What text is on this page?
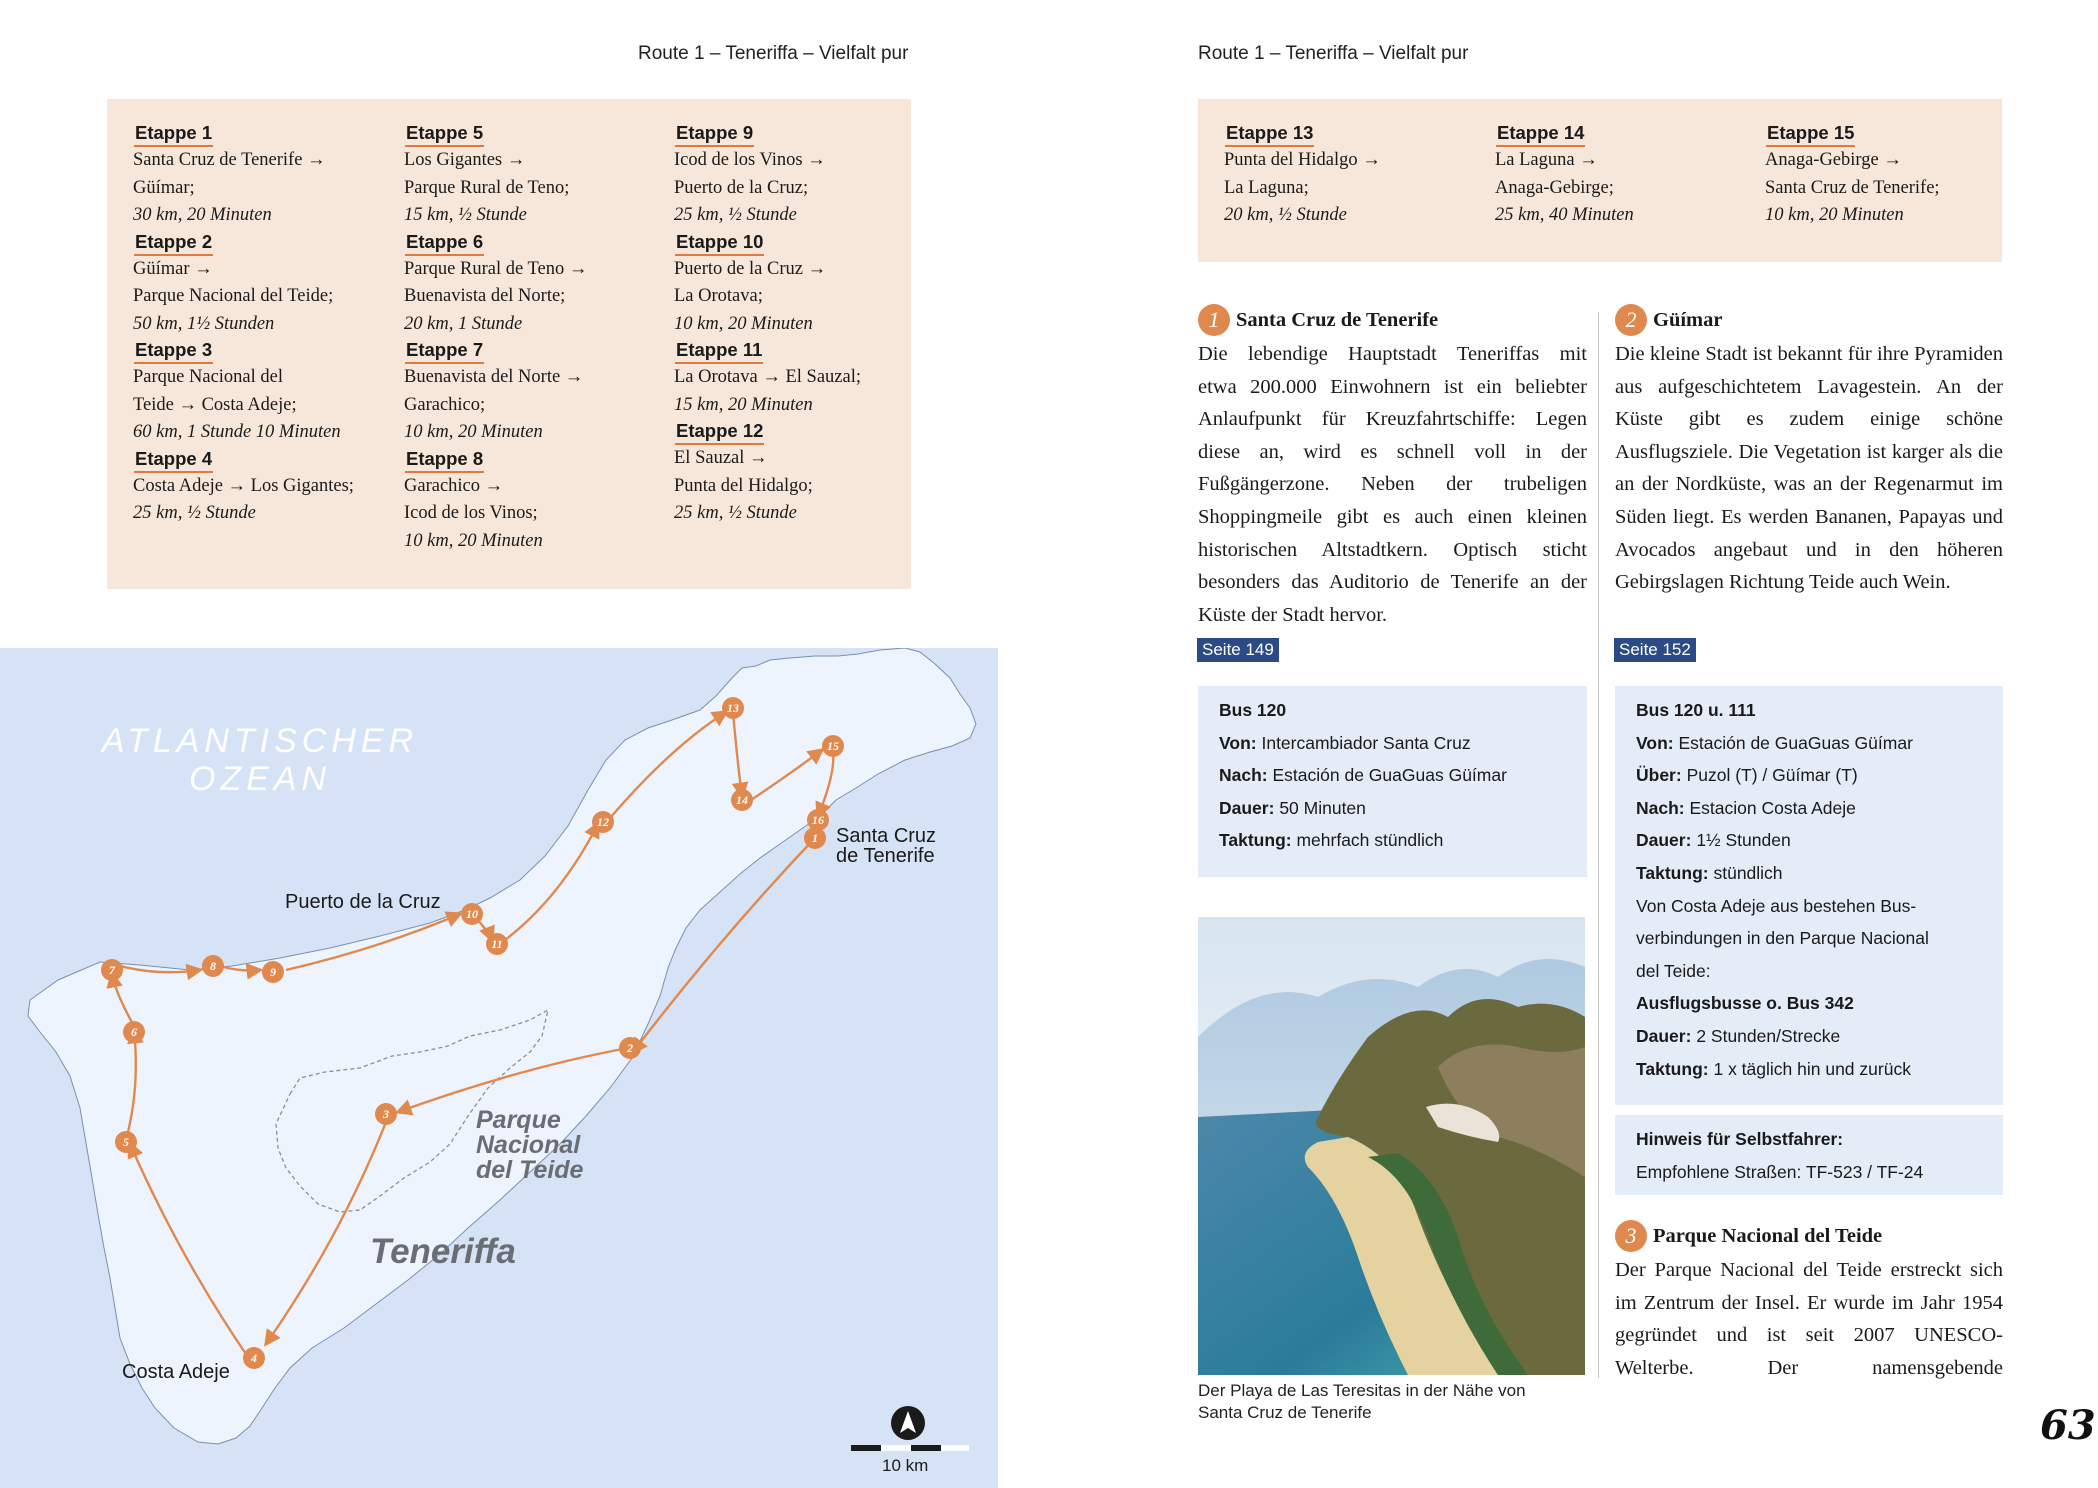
Route 1 – Teneriffa – Vielfalt pur	Route 1 – Teneriffa – Vielfalt pur
Etappe 1
Santa Cruz de Tenerife →
Güímar;
30 km, 20 Minuten
Etappe 2
Güímar →
Parque Nacional del Teide;
50 km, 1½ Stunden
Etappe 3
Parque Nacional del
Teide → Costa Adeje;
60 km, 1 Stunde 10 Minuten
Etappe 4
Costa Adeje → Los Gigantes;
25 km, ½ Stunde
Etappe 5
Los Gigantes →
Parque Rural de Teno;
15 km, ½ Stunde
Etappe 6
Parque Rural de Teno →
Buenavista del Norte;
20 km, 1 Stunde
Etappe 7
Buenavista del Norte →
Garachico;
10 km, 20 Minuten
Etappe 8
Garachico →
Icod de los Vinos;
10 km, 20 Minuten
Etappe 9
Icod de los Vinos →
Puerto de la Cruz;
25 km, ½ Stunde
Etappe 10
Puerto de la Cruz →
La Orotava;
10 km, 20 Minuten
Etappe 11
La Orotava → El Sauzal;
15 km, 20 Minuten
Etappe 12
El Sauzal →
Punta del Hidalgo;
25 km, ½ Stunde
Etappe 13
Punta del Hidalgo →
La Laguna;
20 km, ½ Stunde
Etappe 14
La Laguna →
Anaga-Gebirge;
25 km, 40 Minuten
Etappe 15
Anaga-Gebirge →
Santa Cruz de Tenerife;
10 km, 20 Minuten
1
2
3
4
5
6
7	8	9
10
11
12
13
14
15
16
ATLANTISCHER
OZEAN
Puerto de la Cruz
Santa Cruz
de Tenerife
Costa Adeje
Parque
Nacional
del Teide
Teneriffa
10 km
1 Santa Cruz de Tenerife

Die lebendige Hauptstadt Teneriffas mit

etwa 200.000 Einwohnern ist ein beliebter Anlaufpunkt für Kreuzfahrtschiffe: Legen diese an, wird es schnell voll in der Fußgängerzone. Neben der trubeligen Shoppingmeile gibt es auch einen kleinen historischen Altstadtkern. Optisch sticht besonders das Auditorio de Tenerife an der Küste der Stadt hervor.

Seite 149
2 Güímar
Die kleine Stadt ist bekannt für ihre Pyramiden aus aufgeschichtetem Lavagestein. An der Küste gibt es zudem einige schöne Ausflugsziele. Die Vegetation ist karger als die an der Nordküste, was an der Regenarmut im Süden liegt. Es werden Bananen, Papayas und Avocados angebaut und in den höheren Gebirgslagen Richtung Teide auch Wein.
Seite 152
Bus 120
Von: Intercambiador Santa Cruz
Nach: Estación de GuaGuas Güímar
Dauer: 50 Minuten
Taktung: mehrfach stündlich
Der Playa de Las Teresitas in der Nähe von
Santa Cruz de Tenerife
Bus 120 u. 111
Von: Estación de GuaGuas Güímar
Über: Puzol (T) / Güímar (T)
Nach: Estacion Costa Adeje
Dauer: 1½ Stunden
Taktung: stündlich
Von Costa Adeje aus bestehen Bus-
verbindungen in den Parque Nacional
del Teide:
Ausflugsbusse o. Bus 342
Dauer: 2 Stunden/Strecke
Taktung: 1 x täglich hin und zurück
Hinweis für Selbstfahrer:
Empfohlene Straßen: TF-523 / TF-24
3 Parque Nacional del Teide
Der Parque Nacional del Teide erstreckt sich im Zentrum der Insel. Er wurde im Jahr 1954 gegründet und ist seit 2007 UNESCO-Welterbe. Der namensgebende
63
